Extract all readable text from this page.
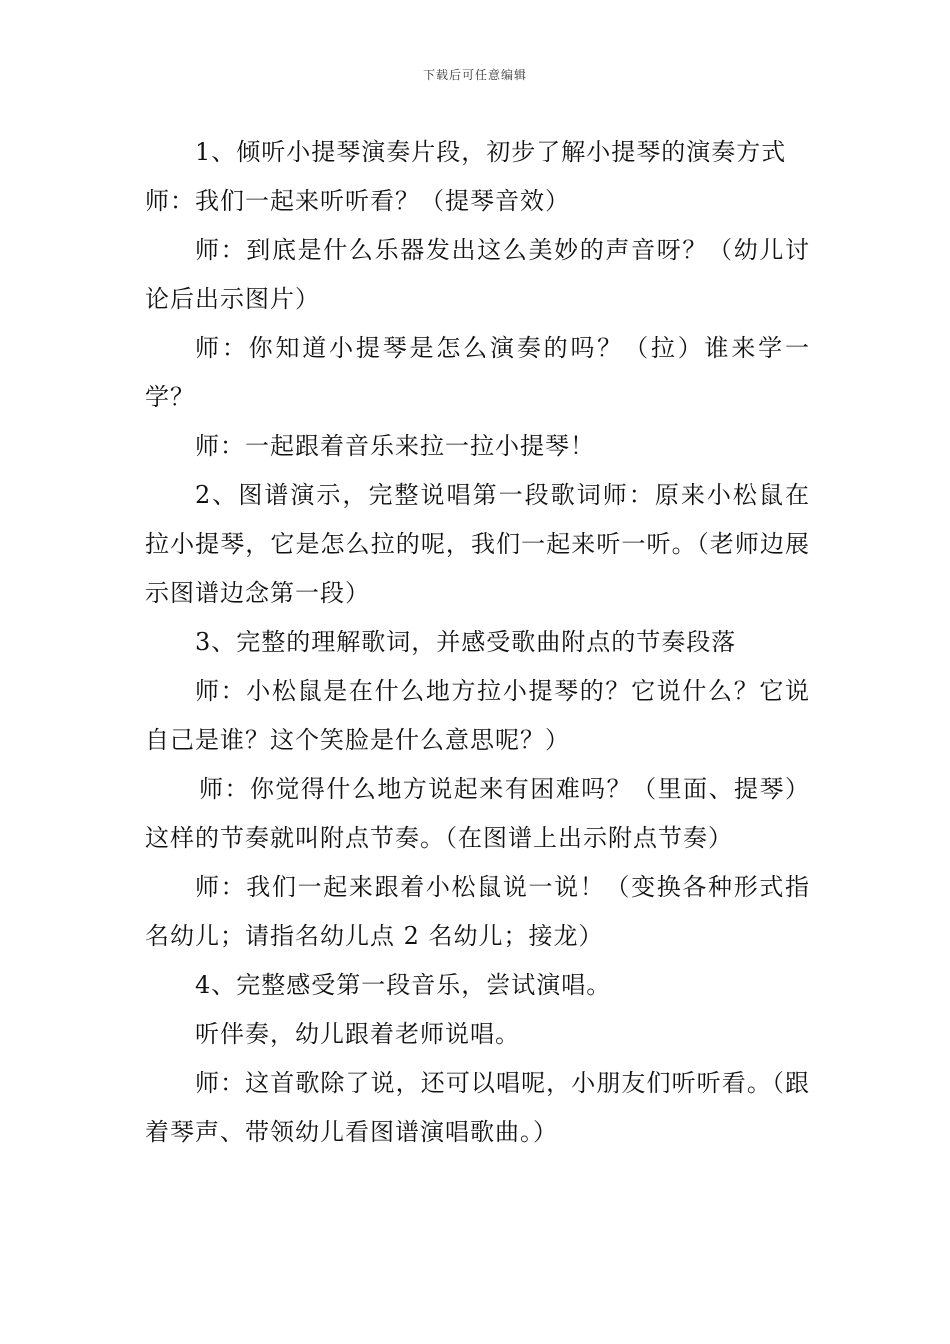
下载后可任意编辑

1、倾听小提琴演奏片段，初步了解小提琴的演奏方式

师：我们一起来听听看？（提琴音效）

师：到底是什么乐器发出这么美妙的声音呀？（幼儿讨论后出示图片）

师：你知道小提琴是怎么演奏的吗？（拉）谁来学一学？

师：一起跟着音乐来拉一拉小提琴！

2、图谱演示，完整说唱第一段歌词师：原来小松鼠在拉小提琴，它是怎么拉的呢，我们一起来听一听。（老师边展示图谱边念第一段）

3、完整的理解歌词，并感受歌曲附点的节奏段落

师：小松鼠是在什么地方拉小提琴的？它说什么？它说自己是谁？这个笑脸是什么意思呢？）

师：你觉得什么地方说起来有困难吗？（里面、提琴）这样的节奏就叫附点节奏。（在图谱上出示附点节奏）

师：我们一起来跟着小松鼠说一说！（变换各种形式指名幼儿；请指名幼儿点 2 名幼儿；接龙）

4、完整感受第一段音乐，尝试演唱。

听伴奏，幼儿跟着老师说唱。

师：这首歌除了说，还可以唱呢，小朋友们听听看。（跟着琴声、带领幼儿看图谱演唱歌曲。）
